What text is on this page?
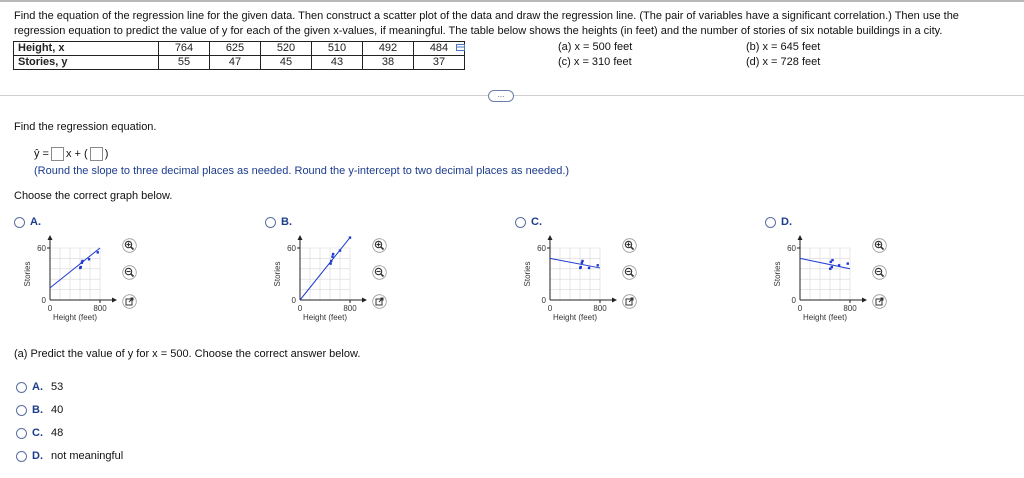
Find the equation of the regression line for the given data. Then construct a scatter plot of the data and draw the regression line. (The pair of variables have a significant correlation.) Then use the
regression equation to predict the value of y for each of the given x-values, if meaningful. The table below shows the heights (in feet) and the number of stories of six notable buildings in a city.
Height, x	764	625	520	510	492	484
Stories, y	55	47	45	43	38	37
(a) x = 500 feet	(b) x = 645 feet
(c) x = 310 feet	(d) x = 728 feet
...
Find the regression equation.
ŷ = x + ( )
(Round the slope to three decimal places as needed. Round the y-intercept to two decimal places as needed.)
Choose the correct graph below.
A.	B.	C.	D.
60
0
0	800
Height (feet)
Stories
60
0
0	800
Height (feet)
Stories
60
0
0	800
Height (feet)
Stories
60
0
0	800
Height (feet)
Stories
(a) Predict the value of y for x = 500. Choose the correct answer below.
A. 53
B. 40
C. 48
D. not meaningful
